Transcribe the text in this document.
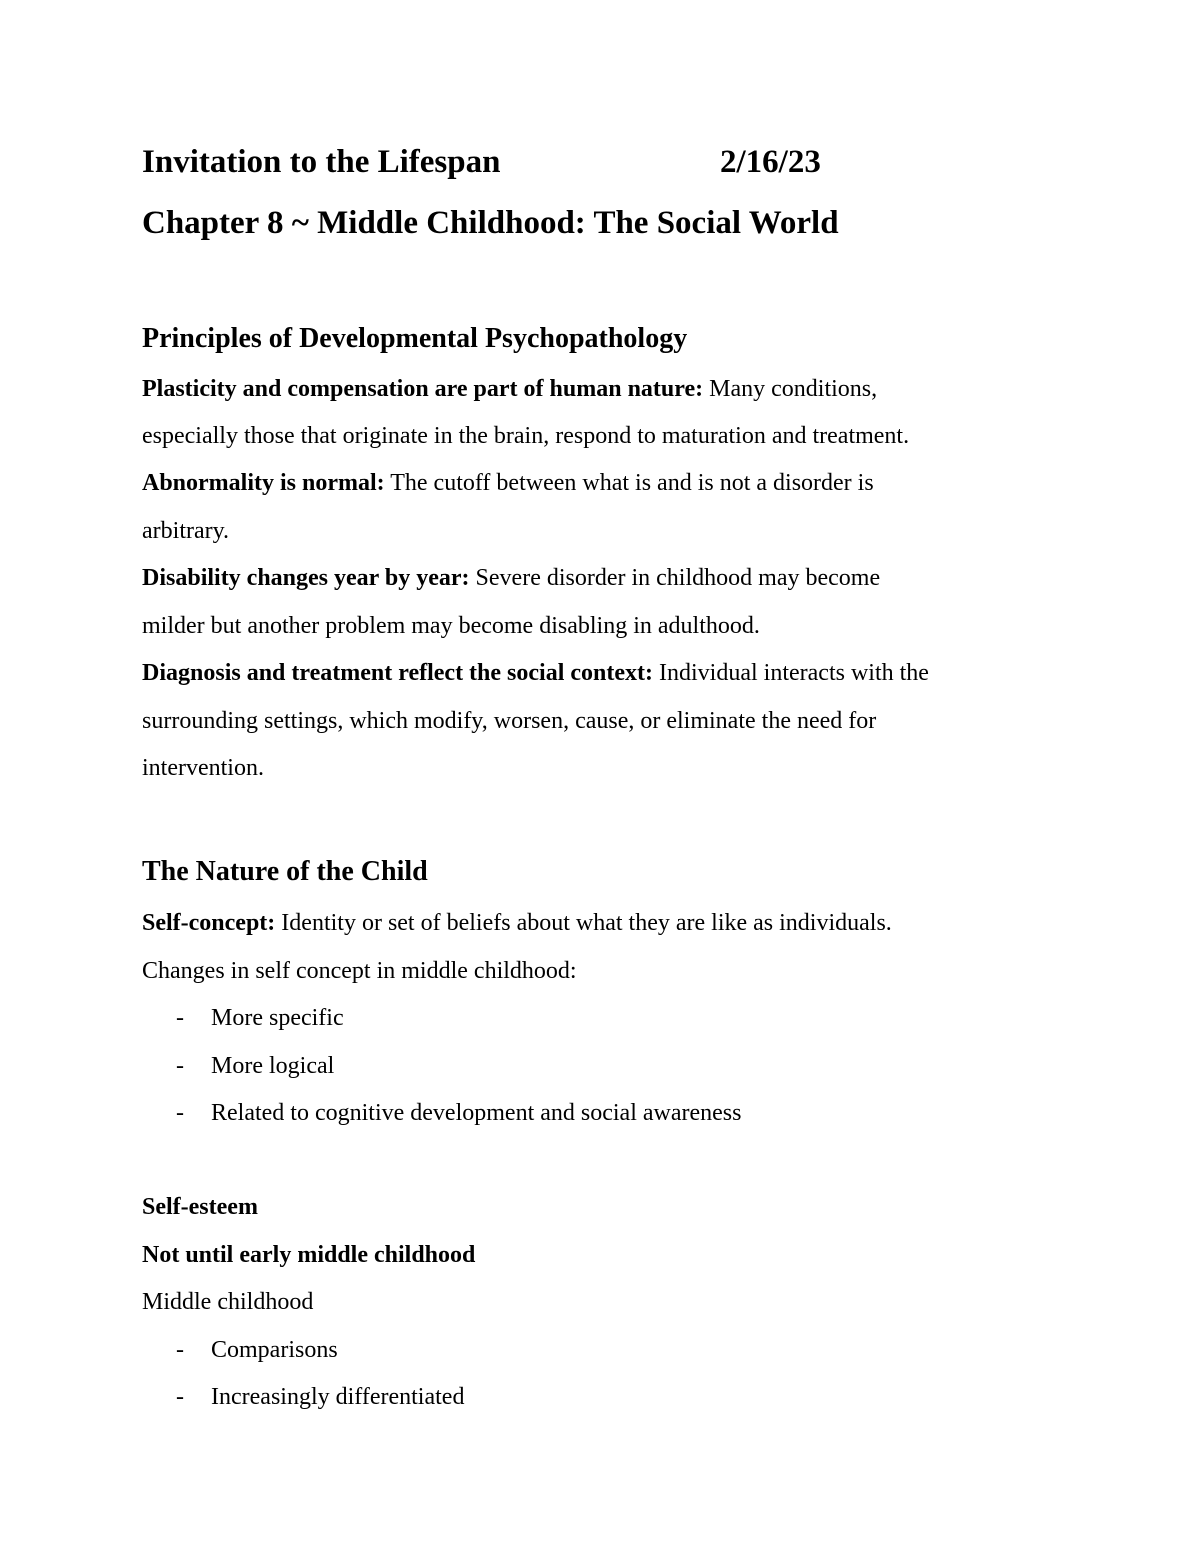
Invitation to the Lifespan	2/16/23
Chapter 8 ~ Middle Childhood: The Social World
Principles of Developmental Psychopathology
Plasticity and compensation are part of human nature: Many conditions,
especially those that originate in the brain, respond to maturation and treatment.
Abnormality is normal: The cutoff between what is and is not a disorder is
arbitrary.
Disability changes year by year: Severe disorder in childhood may become
milder but another problem may become disabling in adulthood.
Diagnosis and treatment reflect the social context: Individual interacts with the
surrounding settings, which modify, worsen, cause, or eliminate the need for
intervention.
The Nature of the Child
Self-concept: Identity or set of beliefs about what they are like as individuals.
Changes in self concept in middle childhood:
- More specific
- More logical
- Related to cognitive development and social awareness
Self-esteem
Not until early middle childhood
Middle childhood
- Comparisons
- Increasingly differentiated
